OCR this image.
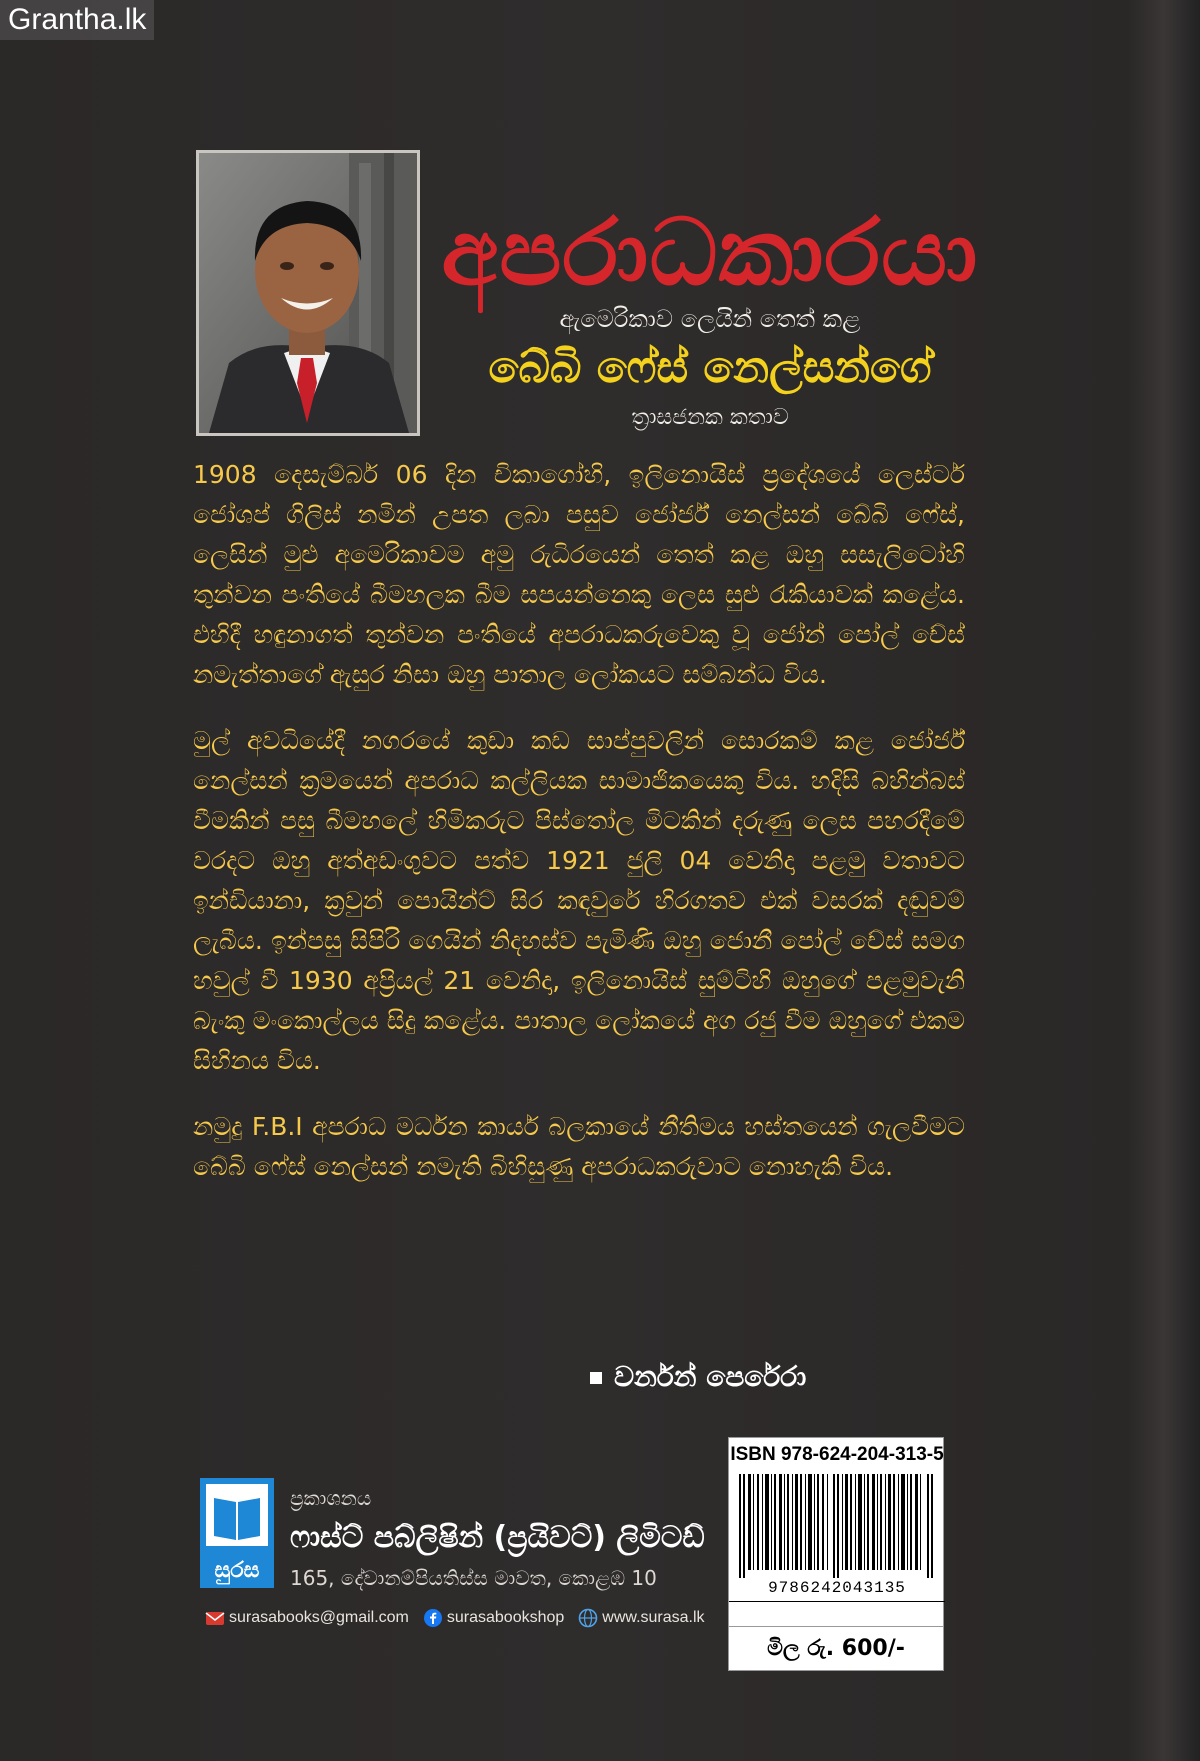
Grantha.lk
අපරාධකාරයා
ඇමෙරිකාව ලෙයින් තෙත් කළ
බේබි ෆේස් නෙල්සන්ගේ
ත්‍රාසජනක කතාව

1908 දෙසැම්බර් 06 දින චිකාගෝහි, ඉලිනොයිස් ප්‍රදේශයේ ලෙස්ටර් ජෝශප් ගිලිස් නමින් උපත ලබා පසුව ජෝර්ජ් නෙල්සන් බේබි ෆේස්, ලෙසින් මුළු අමෙරිකාවම අමු රුධිරයෙන් තෙත් කළ ඔහු සසැලිටෝහි තුන්වන පංතියේ බීමහලක බීම සපයන්නෙකු ලෙස සුළු රැකියාවක් කළේය. එහිදී හඳුනාගත් තුන්වන පංතියේ අපරාධකරුවෙකු වූ ජෝන් පෝල් චේස් නමැත්තාගේ ඇසුර නිසා ඔහු පාතාල ලෝකයට සම්බන්ධ විය.

මුල් අවධියේදී නගරයේ කුඩා කඩ සාප්පුවලින් සොරකම් කළ ජෝර්ජ් නෙල්සන් ක්‍රමයෙන් අපරාධ කල්ලියක සාමාජිකයෙකු විය. හදිසි බහින්බස් වීමකින් පසු බීමහලේ හිමිකරුට පිස්තෝල මිටකින් දරුණු ලෙස පහරදීමේ වරදට ඔහු අත්අඩංගුවට පත්ව 1921 ජුලි 04 වෙනිදා පළමු වතාවට ඉන්ඩියානා, ක්‍රවුන් පොයින්ට් සිර කඳවුරේ හිරගතව එක් වසරක් දඬුවම් ලැබීය. ඉන්පසු සිපිරි ගෙයින් නිදහස්ව පැමිණි ඔහු ජොනී පෝල් චේස් සමග හවුල් වී 1930 අප්‍රියල් 21 වෙනිදා, ඉලිනොයිස් සුම්ටිහි ඔහුගේ පළමුවැනි බැංකු මංකොල්ලය සිදු කළේය. පාතාල ලෝකයේ අග රජු වීම ඔහුගේ එකම සිහිනය විය.

නමුදු F.B.I අපරාධ මර්ධන කාර්ය බලකායේ නීතිමය හස්තයෙන් ගැලවීමට බේබි ෆේස් නෙල්සන් නමැති බිහිසුණු අපරාධකරුවාට නොහැකි විය.

වර්නන් පෙරේරා
ISBN 978-624-204-313-5
9786242043135
මිල රු. 600/-
සුරස
ප්‍රකාශනය
ෆාස්ට් පබ්ලිෂින් (ප්‍රයිවට්) ලිමිටඩ්
165, දේවානම්පියතිස්ස මාවත, කොළඹ 10
surasabooks@gmail.com surasabookshop www.surasa.lk
